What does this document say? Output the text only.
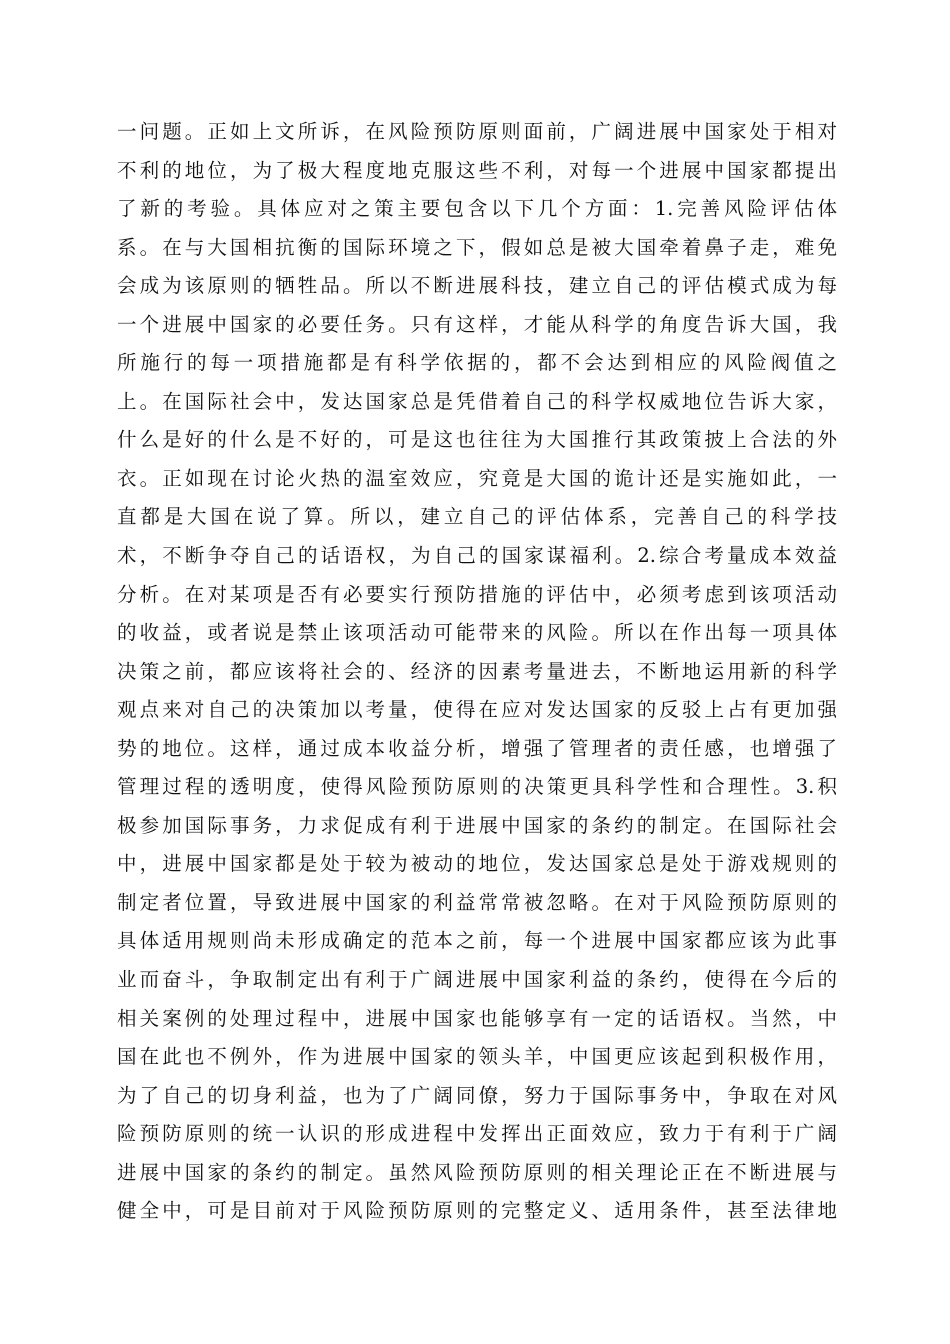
一问题。正如上文所诉，在风险预防原则面前，广阔进展中国家处于相对
不利的地位，为了极大程度地克服这些不利，对每一个进展中国家都提出
了新的考验。具体应对之策主要包含以下几个方面：1.完善风险评估体
系。在与大国相抗衡的国际环境之下，假如总是被大国牵着鼻子走，难免
会成为该原则的牺牲品。所以不断进展科技，建立自己的评估模式成为每
一个进展中国家的必要任务。只有这样，才能从科学的角度告诉大国，我
所施行的每一项措施都是有科学依据的，都不会达到相应的风险阀值之
上。在国际社会中，发达国家总是凭借着自己的科学权威地位告诉大家，
什么是好的什么是不好的，可是这也往往为大国推行其政策披上合法的外
衣。正如现在讨论火热的温室效应，究竟是大国的诡计还是实施如此，一
直都是大国在说了算。所以，建立自己的评估体系，完善自己的科学技
术，不断争夺自己的话语权，为自己的国家谋福利。2.综合考量成本效益
分析。在对某项是否有必要实行预防措施的评估中，必须考虑到该项活动
的收益，或者说是禁止该项活动可能带来的风险。所以在作出每一项具体
决策之前，都应该将社会的、经济的因素考量进去，不断地运用新的科学
观点来对自己的决策加以考量，使得在应对发达国家的反驳上占有更加强
势的地位。这样，通过成本收益分析，增强了管理者的责任感，也增强了
管理过程的透明度，使得风险预防原则的决策更具科学性和合理性。3.积
极参加国际事务，力求促成有利于进展中国家的条约的制定。在国际社会
中，进展中国家都是处于较为被动的地位，发达国家总是处于游戏规则的
制定者位置，导致进展中国家的利益常常被忽略。在对于风险预防原则的
具体适用规则尚未形成确定的范本之前，每一个进展中国家都应该为此事
业而奋斗，争取制定出有利于广阔进展中国家利益的条约，使得在今后的
相关案例的处理过程中，进展中国家也能够享有一定的话语权。当然，中
国在此也不例外，作为进展中国家的领头羊，中国更应该起到积极作用，
为了自己的切身利益，也为了广阔同僚，努力于国际事务中，争取在对风
险预防原则的统一认识的形成进程中发挥出正面效应，致力于有利于广阔
进展中国家的条约的制定。虽然风险预防原则的相关理论正在不断进展与
健全中，可是目前对于风险预防原则的完整定义、适用条件，甚至法律地
